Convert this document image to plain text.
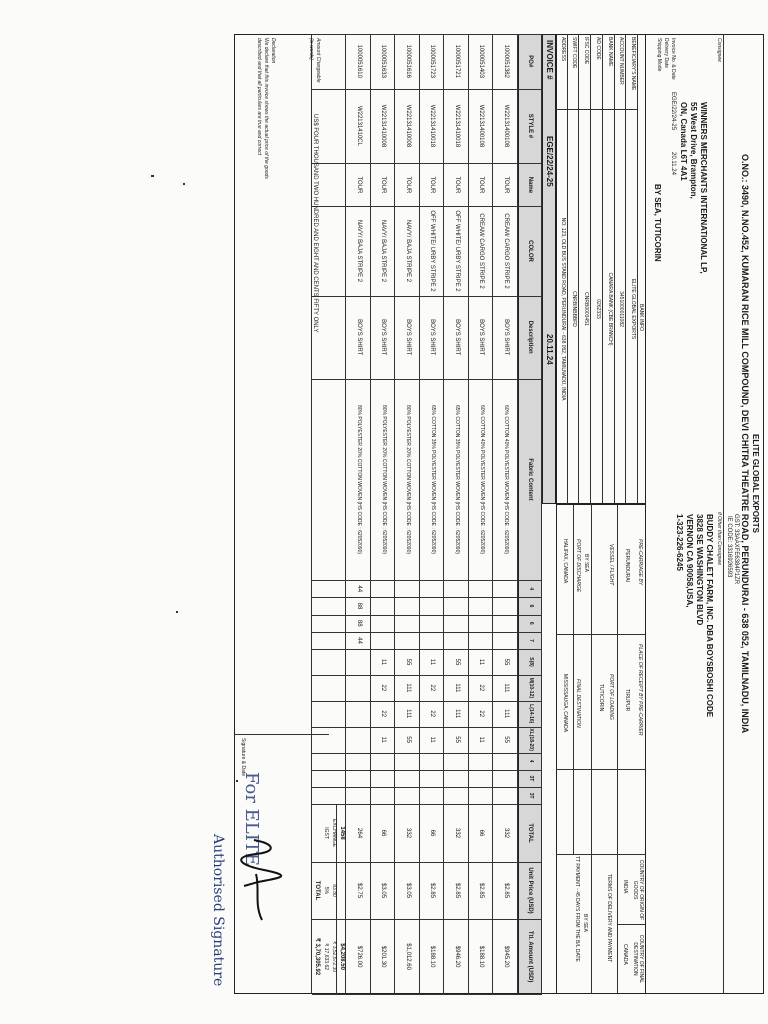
ELITE GLOBAL EXPORTS
O.NO.: 3490, N.NO.452, KUMARAN RICE MILL COMPOUND, DEVI CHITRA THEATRE ROAD, PERUNDURAI - 638 052, TAMILNADU, INDIA
GST: 33AAXFE6384P1ZR
IE CODE: 3316926593
Consignee
WINNERS MERCHANTS INTERNATIONAL LP,
55 West Drive, Brampton,
ON, Canada L6T 4A1
If Other than Consignee
BUDDY CHALET FARM, INC. DBA BOYSBOSHI CODE
3828 SE WASHINGTON BLVD
VERNON CA 90058,USA,
1-323-226-6245
Invoice No. & Date
EGE/22/24-25
20.11.24
Delivery Date
Shipping Mode
BY SEA, TUTICORIN
BANK INFO
BENEFICIARY'S NAME
ELITE GLOBAL EXPORTS
ACCOUNT NUMBER
3451000011082
BANK NAME
CANARA BANK (CBE BRANCH)
AD CODE
0262333
IFSC CODE
CNRB0003451
SWIFT CODE
CNRBINBBBFD
ADDRESS
NO: 123, OLD BUS STAND ROAD, PERUNDURAI - 638 052, TAMILNADU, INDIA
PRE-CARRIAGE BY
PERUNDURAI
PLACE OF RECEIPT BY PRE-CARRIER
TIRUPUR
COUNTRY OF ORIGIN OF GOODS
INDIA
COUNTRY OF FINAL DESTINATION
CANADA
VESSEL / FLIGHT
PORT OF LOADING
TUTICORIN
TERMS OF DELIVERY AND PAYMENT
BY SEA
TT PAYMENT - 45 DAYS FROM THE B/L DATE
BY SEA
PORT OF DISCHARGE
HALIFAX, CANADA
FINAL DESTINATION
MISSISSAUGA, CANADA
INVOICE #
EGE/22/24-25
20.11.24
PO#
STYLE #
Name
COLOR
Description
Fabric Content
4
6
6
7
S(8)
M(10-12)
L(14-16)
XL(18-20)
4
3T
3T
TOTAL
Unit Price (USD)
Ttl. Amount (USD)
1000051382
W22131400108
TOUR
CREAM/ CARGO STRIPE 2
BOYS SHIRT
60% COTTON 40% POLYESTER WOVEN (HS CODE : 62052090)
55
111
111
55
332
$2.85
$945.20
1000051403
W22131400108
TOUR
CREAM/ CARGO STRIPE 2
BOYS SHIRT
60% COTTON 40% POLYESTER WOVEN (HS CODE : 62052090)
11
22
22
11
66
$2.85
$188.10
1000051721
W22131410018
TOUR
OFF WHITE/ URBY STRIPE 2
BOYS SHIRT
65% COTTON 35% POLYESTER WOVEN (HS CODE : 62052090)
55
111
111
55
332
$2.85
$946.20
1000051723
W22131410018
TOUR
OFF WHITE/ URBY STRIPE 2
BOYS SHIRT
65% COTTON 35% POLYESTER WOVEN (HS CODE : 62052090)
11
22
22
11
66
$2.85
$188.10
1000051616
W22131410008
TOUR
NAVY/ BAJA STRIPE 2
BOYS SHIRT
80% POLYESTER 20% COTTON WOVEN (HS CODE : 62052090)
55
111
111
55
332
$3.05
$1,012.60
1000051633
W22131410008
TOUR
NAVY/ BAJA STRIPE 2
BOYS SHIRT
80% POLYESTER 20% COTTON WOVEN (HS CODE : 62052090)
11
22
22
11
66
$3.05
$201.30
1000051610
W22131410CL
TOUR
NAVY/ BAJA STRIPE 2
BOYS SHIRT
80% POLYESTER 20% COTTON WOVEN (HS CODE : 62052090)
44
88
88
44
264
$2.75
$726.00
1458
$4,208.50
EXCHANGE
83.80
₹ 3,52,672.30
IGST
5%
₹ 17,633.62
TOTAL
₹ 3,70,305.92
Amount Chargeable
(in words)
US$ FOUR THOUSAND TWO HUNDRED AND EIGHT AND CENTS FIFTY ONLY
Declaration
We declare that this invoice shows the actual price of the goods
described and that all particulars are true and correct
Signature & Date
For ELITE
Authorised Signature
